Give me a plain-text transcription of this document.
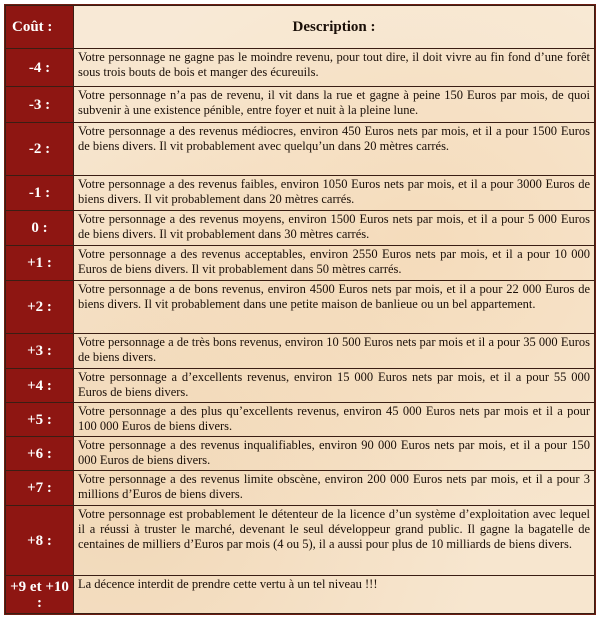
Coût :	Description :
-4 :	Votre personnage ne gagne pas le moindre revenu, pour tout dire, il doit vivre au fin fond d’une forêt sous trois bouts de bois et manger des écureuils.
-3 :	Votre personnage n’a pas de revenu, il vit dans la rue et gagne à peine 150 Euros par mois, de quoi subvenir à une existence pénible, entre foyer et nuit à la pleine lune.
-2 :	Votre personnage a des revenus médiocres, environ 450 Euros nets par mois, et il a pour 1500 Euros de biens divers. Il vit probablement avec quelqu’un dans 20 mètres carrés.
-1 :	Votre personnage a des revenus faibles, environ 1050 Euros nets par mois, et il a pour 3000 Euros de biens divers. Il vit probablement dans 20 mètres carrés.
0 :	Votre personnage a des revenus moyens, environ 1500 Euros nets par mois, et il a pour 5 000 Euros de biens divers. Il vit probablement dans 30 mètres carrés.
+1 :	Votre personnage a des revenus acceptables, environ 2550 Euros nets par mois, et il a pour 10 000 Euros de biens divers. Il vit probablement dans 50 mètres carrés.
+2 :	Votre personnage a de bons revenus, environ 4500 Euros nets par mois, et il a pour 22 000 Euros de biens divers. Il vit probablement dans une petite maison de banlieue ou un bel appartement.
+3 :	Votre personnage a de très bons revenus, environ 10 500 Euros nets par mois et il a pour 35 000 Euros de biens divers.
+4 :	Votre personnage a d’excellents revenus, environ 15 000 Euros nets par mois, et il a pour 55 000 Euros de biens divers.
+5 :	Votre personnage a des plus qu’excellents revenus, environ 45 000 Euros nets par mois et il a pour 100 000 Euros de biens divers.
+6 :	Votre personnage a des revenus inqualifiables, environ 90 000 Euros nets par mois, et il a pour 150 000 Euros de biens divers.
+7 :	Votre personnage a des revenus limite obscène, environ 200 000 Euros nets par mois, et il a pour 3 millions d’Euros de biens divers.
+8 :	Votre personnage est probablement le détenteur de la licence d’un système d’exploitation avec lequel il a réussi à truster le marché, devenant le seul développeur grand public. Il gagne la bagatelle de centaines de milliers d’Euros par mois (4 ou 5), il a aussi pour plus de 10 milliards de biens divers.
+9 et +10 :	La décence interdit de prendre cette vertu à un tel niveau !!!
